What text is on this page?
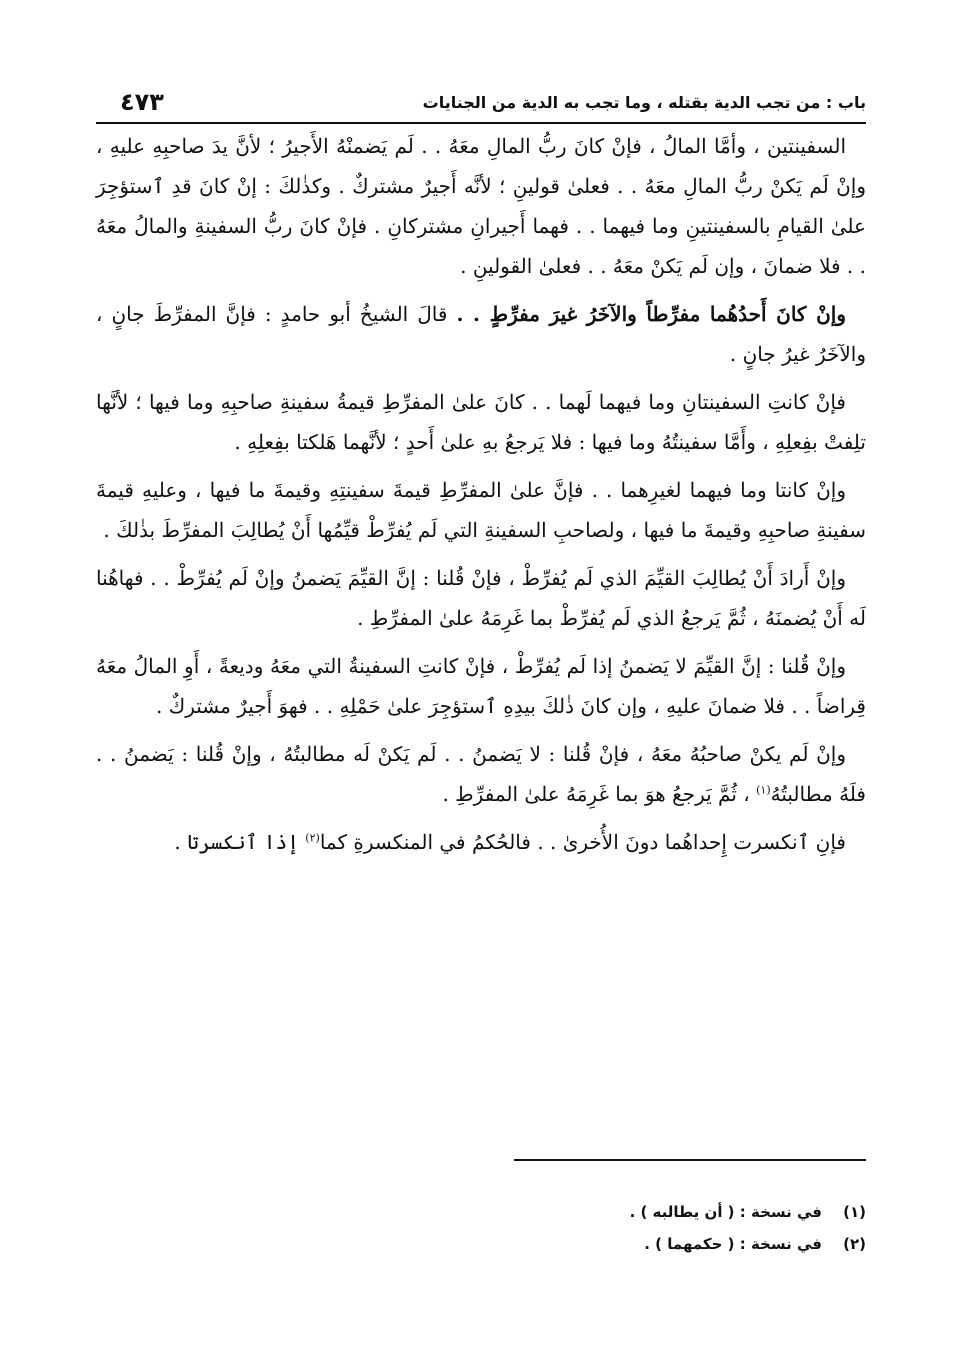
باب : من تجب الدية بقتله ، وما تجب به الدية من الجنايات
٤٧٣

السفينتين ، وأمَّا المالُ ، فإنْ كانَ ربُّ المالِ معَهُ . . لَم يَضمنْهُ الأَجيرُ ؛ لأنَّ يدَ صاحبِهِ عليهِ ، وإنْ لَم يَكنْ ربُّ المالِ معَهُ . . فعلىٰ قولينِ ؛ لأنَّه أَجيرٌ مشتركٌ . وكذٰلكَ : إنْ كانَ قدِ ٱستؤجِرَ علىٰ القيامِ بالسفينتينِ وما فيهما . . فهما أَجيرانِ مشتركانِ . فإنْ كانَ ربُّ السفينةِ والمالُ معَهُ . . فلا ضمانَ ، وإن لَم يَكنْ معَهُ . . فعلىٰ القولينِ .

وإنْ كانَ أَحدُهُما مفرِّطاً والآخَرُ غيرَ مفرِّطٍ . . قالَ الشيخُ أبو حامدٍ : فإنَّ المفرِّطَ جانٍ ، والآخَرُ غيرُ جانٍ .

فإنْ كانتِ السفينتانِ وما فيهما لَهما . . كانَ علىٰ المفرِّطِ قيمةُ سفينةِ صاحبِهِ وما فيها ؛ لأنَّها تلِفتْ بفِعلِهِ ، وأَمَّا سفينتُهُ وما فيها : فلا يَرجعُ بهِ علىٰ أَحدٍ ؛ لأنَّهما هَلكتا بفِعلِهِ .

وإنْ كانتا وما فيهما لغيرِهما . . فإنَّ علىٰ المفرِّطِ قيمةَ سفينتِهِ وقيمةَ ما فيها ، وعليهِ قيمةَ سفينةِ صاحبِهِ وقيمةَ ما فيها ، ولصاحبِ السفينةِ التي لَم يُفرِّطْ قيِّمُها أَنْ يُطالِبَ المفرِّطَ بذٰلكَ .

وإنْ أَرادَ أَنْ يُطالِبَ القيِّمَ الذي لَم يُفرِّطْ ، فإنْ قُلنا : إنَّ القيِّمَ يَضمنُ وإنْ لَم يُفرِّطْ . . فهاهُنا لَه أَنْ يُضمنَهُ ، ثُمَّ يَرجعُ الذي لَم يُفرِّطْ بما غَرِمَهُ علىٰ المفرِّطِ .

وإنْ قُلنا : إنَّ القيِّمَ لا يَضمنُ إذا لَم يُفرِّطْ ، فإنْ كانتِ السفينةُ التي معَهُ وديعةً ، أَوِ المالُ معَهُ قِراضاً . . فلا ضمانَ عليهِ ، وإن كانَ ذٰلكَ بيدِهِ ٱستؤجِرَ علىٰ حَمْلِهِ . . فهوَ أَجيرٌ مشتركٌ .

وإنْ لَم يكنْ صاحبُهُ معَهُ ، فإنْ قُلنا : لا يَضمنُ . . لَم يَكنْ لَه مطالبتُهُ ، وإنْ قُلنا : يَضمنُ . . فلَهُ مطالبتُهُ$^{(١)}$ ، ثُمَّ يَرجعُ هوَ بما غَرِمَهُ علىٰ المفرِّطِ .

فإنِ ٱنكسرت إِحداهُما دونَ الأُخرىٰ . . فالحُكمُ في المنكسرةِ كما$^{(٢)}$ إذا ٱنكسرتا .

(١)
في نسخة : ( أن يطالبه ) .
(٢)
في نسخة : ( حكمهما ) .
